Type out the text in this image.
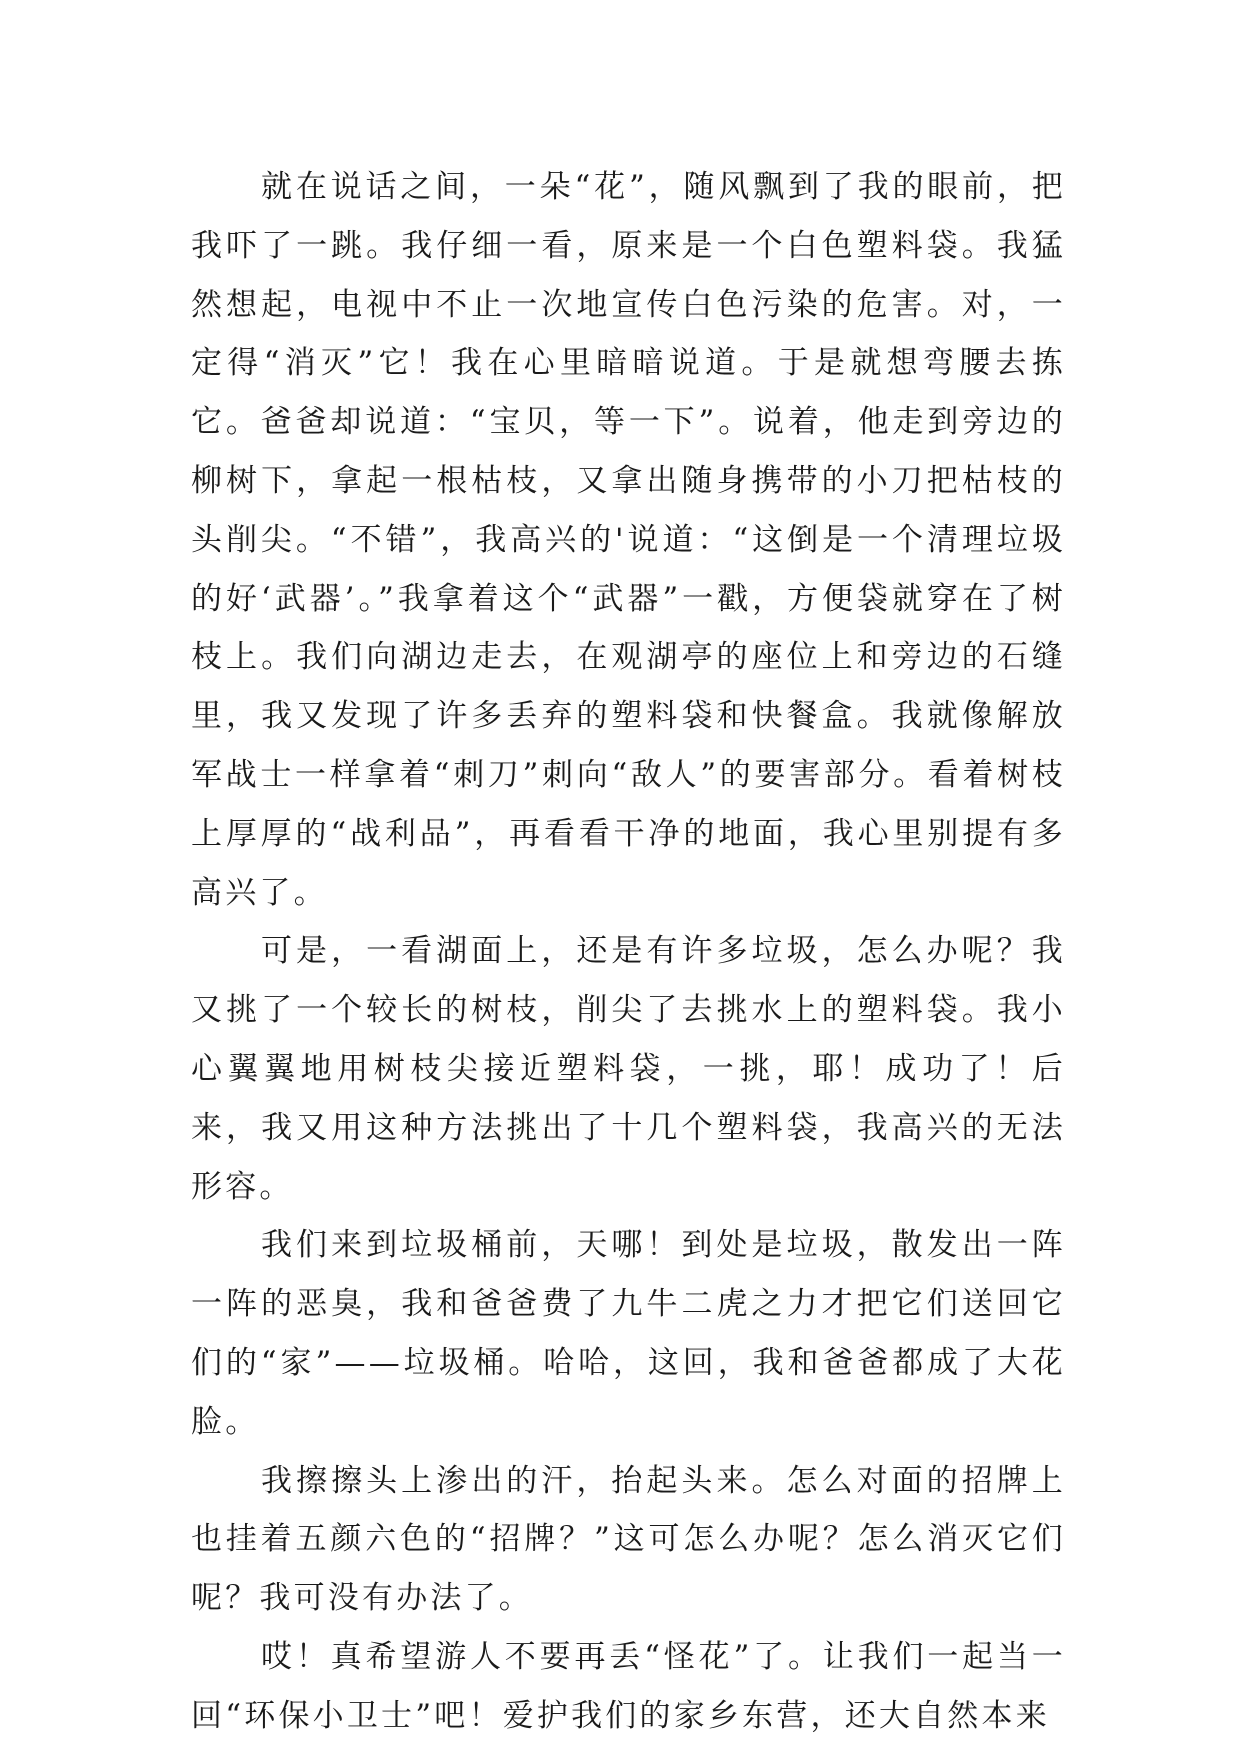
就在说话之间，一朵“花”，随风飘到了我的眼前，把我吓了一跳。我仔细一看，原来是一个白色塑料袋。我猛然想起，电视中不止一次地宣传白色污染的危害。对，一定得“消灭”它！我在心里暗暗说道。于是就想弯腰去拣它。爸爸却说道：“宝贝，等一下”。说着，他走到旁边的柳树下，拿起一根枯枝，又拿出随身携带的小刀把枯枝的头削尖。“不错”，我高兴的'说道：“这倒是一个清理垃圾的好‘武器’。”我拿着这个“武器”一戳，方便袋就穿在了树枝上。我们向湖边走去，在观湖亭的座位上和旁边的石缝里，我又发现了许多丢弃的塑料袋和快餐盒。我就像解放军战士一样拿着“刺刀”刺向“敌人”的要害部分。看着树枝上厚厚的“战利品”，再看看干净的地面，我心里别提有多高兴了。

可是，一看湖面上，还是有许多垃圾，怎么办呢？我又挑了一个较长的树枝，削尖了去挑水上的塑料袋。我小心翼翼地用树枝尖接近塑料袋，一挑，耶！成功了！后来，我又用这种方法挑出了十几个塑料袋，我高兴的无法形容。

我们来到垃圾桶前，天哪！到处是垃圾，散发出一阵一阵的恶臭，我和爸爸费了九牛二虎之力才把它们送回它们的“家”——垃圾桶。哈哈，这回，我和爸爸都成了大花脸。

我擦擦头上渗出的汗，抬起头来。怎么对面的招牌上也挂着五颜六色的“招牌？”这可怎么办呢？怎么消灭它们呢？我可没有办法了。

哎！真希望游人不要再丢“怪花”了。让我们一起当一回“环保小卫士”吧！爱护我们的家乡东营，还大自然本来
